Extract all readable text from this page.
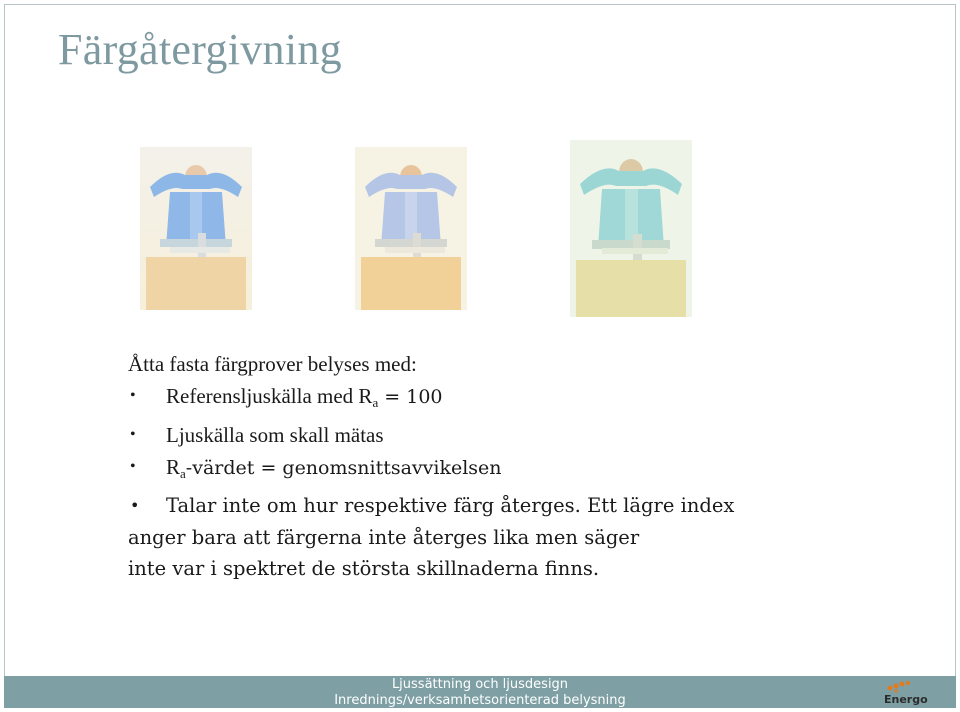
Färgåtergivning
Åtta fasta färgprover belyses med:
• Referensljuskälla med $R_a = 100$
• Ljuskälla som skall mätas
• $R_a$-värdet = genomsnittsavvikelsen
• Talar inte om hur respektive färg återges. Ett lägre index
anger bara att färgerna inte återges lika men säger
inte var i spektret de största skillnaderna finns.
Ljussättning och ljusdesign
Inrednings/verksamhetsorienterad belysning	Energo
